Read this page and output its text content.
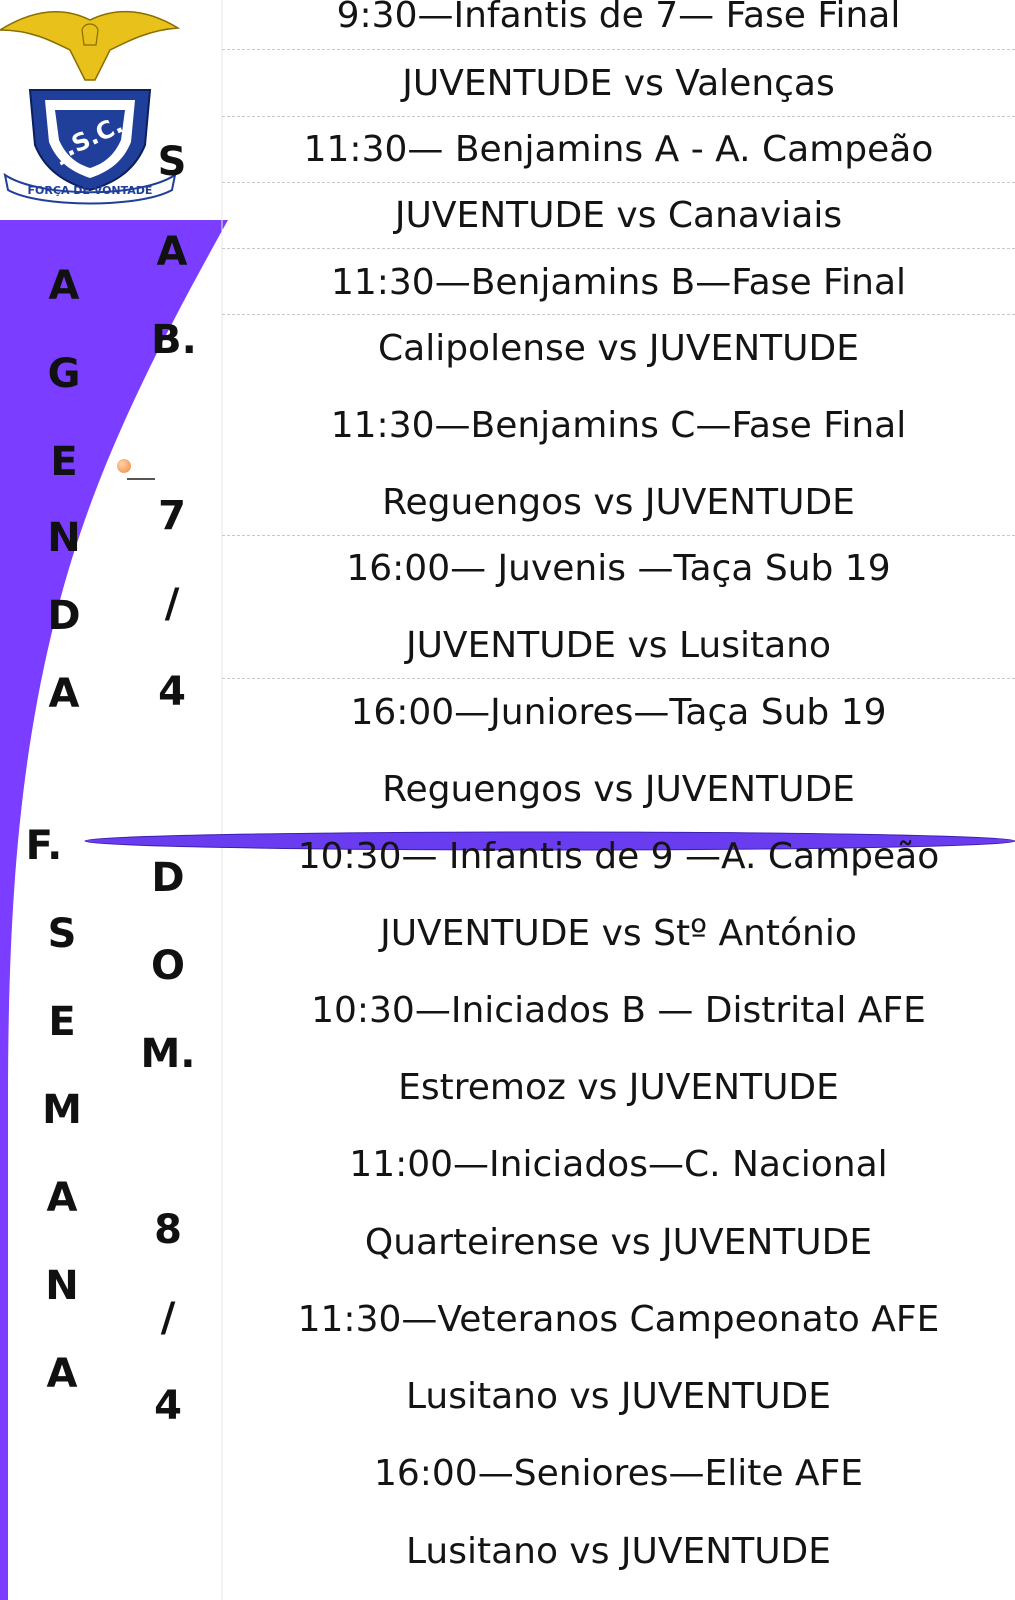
J.S.C.
FORÇA DE VONTADE
A
G
E
N
D
A
F.
S
E
M
A
N
A
S
A
B.
7
/
4
D
O
M.
8
/
4
9:30—Infantis de 7— Fase Final
JUVENTUDE vs Valenças
11:30— Benjamins A - A. Campeão
JUVENTUDE vs Canaviais
11:30—Benjamins B—Fase Final
Calipolense vs JUVENTUDE
11:30—Benjamins C—Fase Final
Reguengos vs JUVENTUDE
16:00— Juvenis —Taça Sub 19
JUVENTUDE vs Lusitano
16:00—Juniores—Taça Sub 19
Reguengos vs JUVENTUDE
10:30— Infantis de 9 —A. Campeão
JUVENTUDE vs Stº António
10:30—Iniciados B — Distrital AFE
Estremoz vs JUVENTUDE
11:00—Iniciados—C. Nacional
Quarteirense vs JUVENTUDE
11:30—Veteranos Campeonato AFE
Lusitano vs JUVENTUDE
16:00—Seniores—Elite AFE
Lusitano vs JUVENTUDE
